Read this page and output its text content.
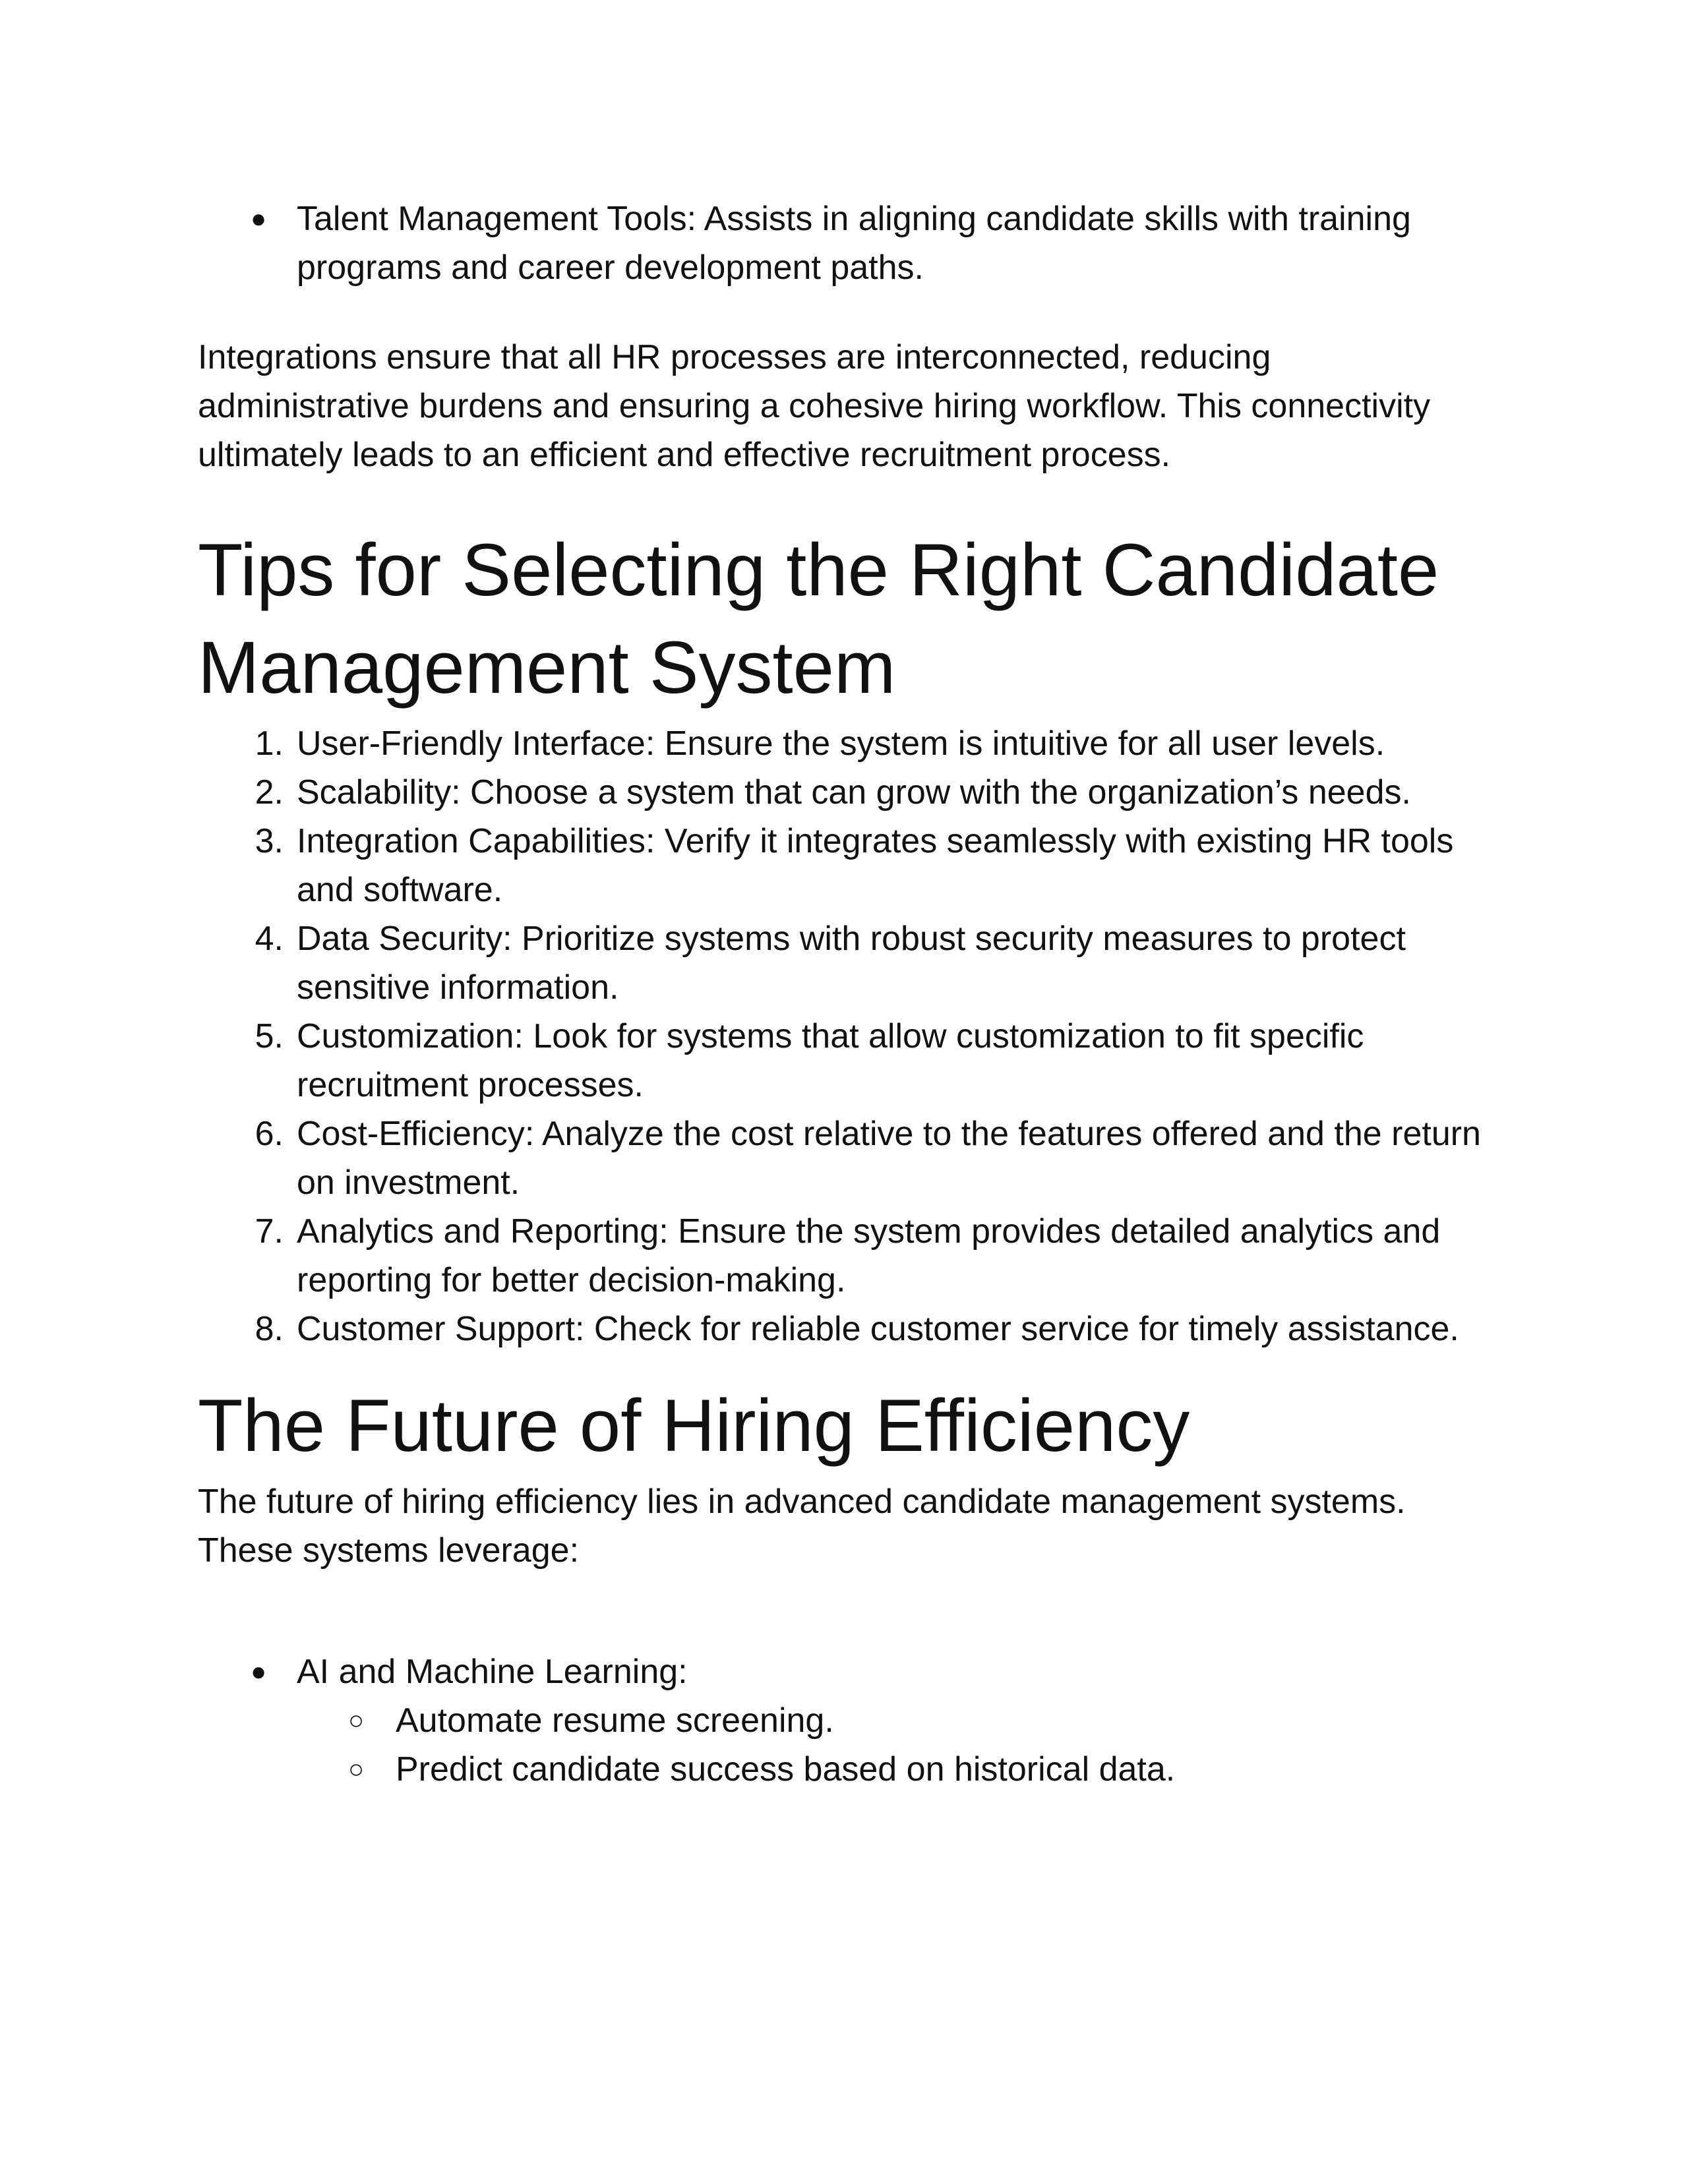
● Talent Management Tools: Assists in aligning candidate skills with training programs and career development paths.

Integrations ensure that all HR processes are interconnected, reducing administrative burdens and ensuring a cohesive hiring workflow. This connectivity ultimately leads to an efficient and effective recruitment process.

Tips for Selecting the Right Candidate
Management System
1. User-Friendly Interface: Ensure the system is intuitive for all user levels.
2. Scalability: Choose a system that can grow with the organization’s needs.
3. Integration Capabilities: Verify it integrates seamlessly with existing HR tools and software.
4. Data Security: Prioritize systems with robust security measures to protect sensitive information.
5. Customization: Look for systems that allow customization to fit specific recruitment processes.
6. Cost-Efficiency: Analyze the cost relative to the features offered and the return on investment.
7. Analytics and Reporting: Ensure the system provides detailed analytics and reporting for better decision-making.
8. Customer Support: Check for reliable customer service for timely assistance.
The Future of Hiring Efficiency

The future of hiring efficiency lies in advanced candidate management systems. These systems leverage:

● AI and Machine Learning:
○ Automate resume screening.
○ Predict candidate success based on historical data.
